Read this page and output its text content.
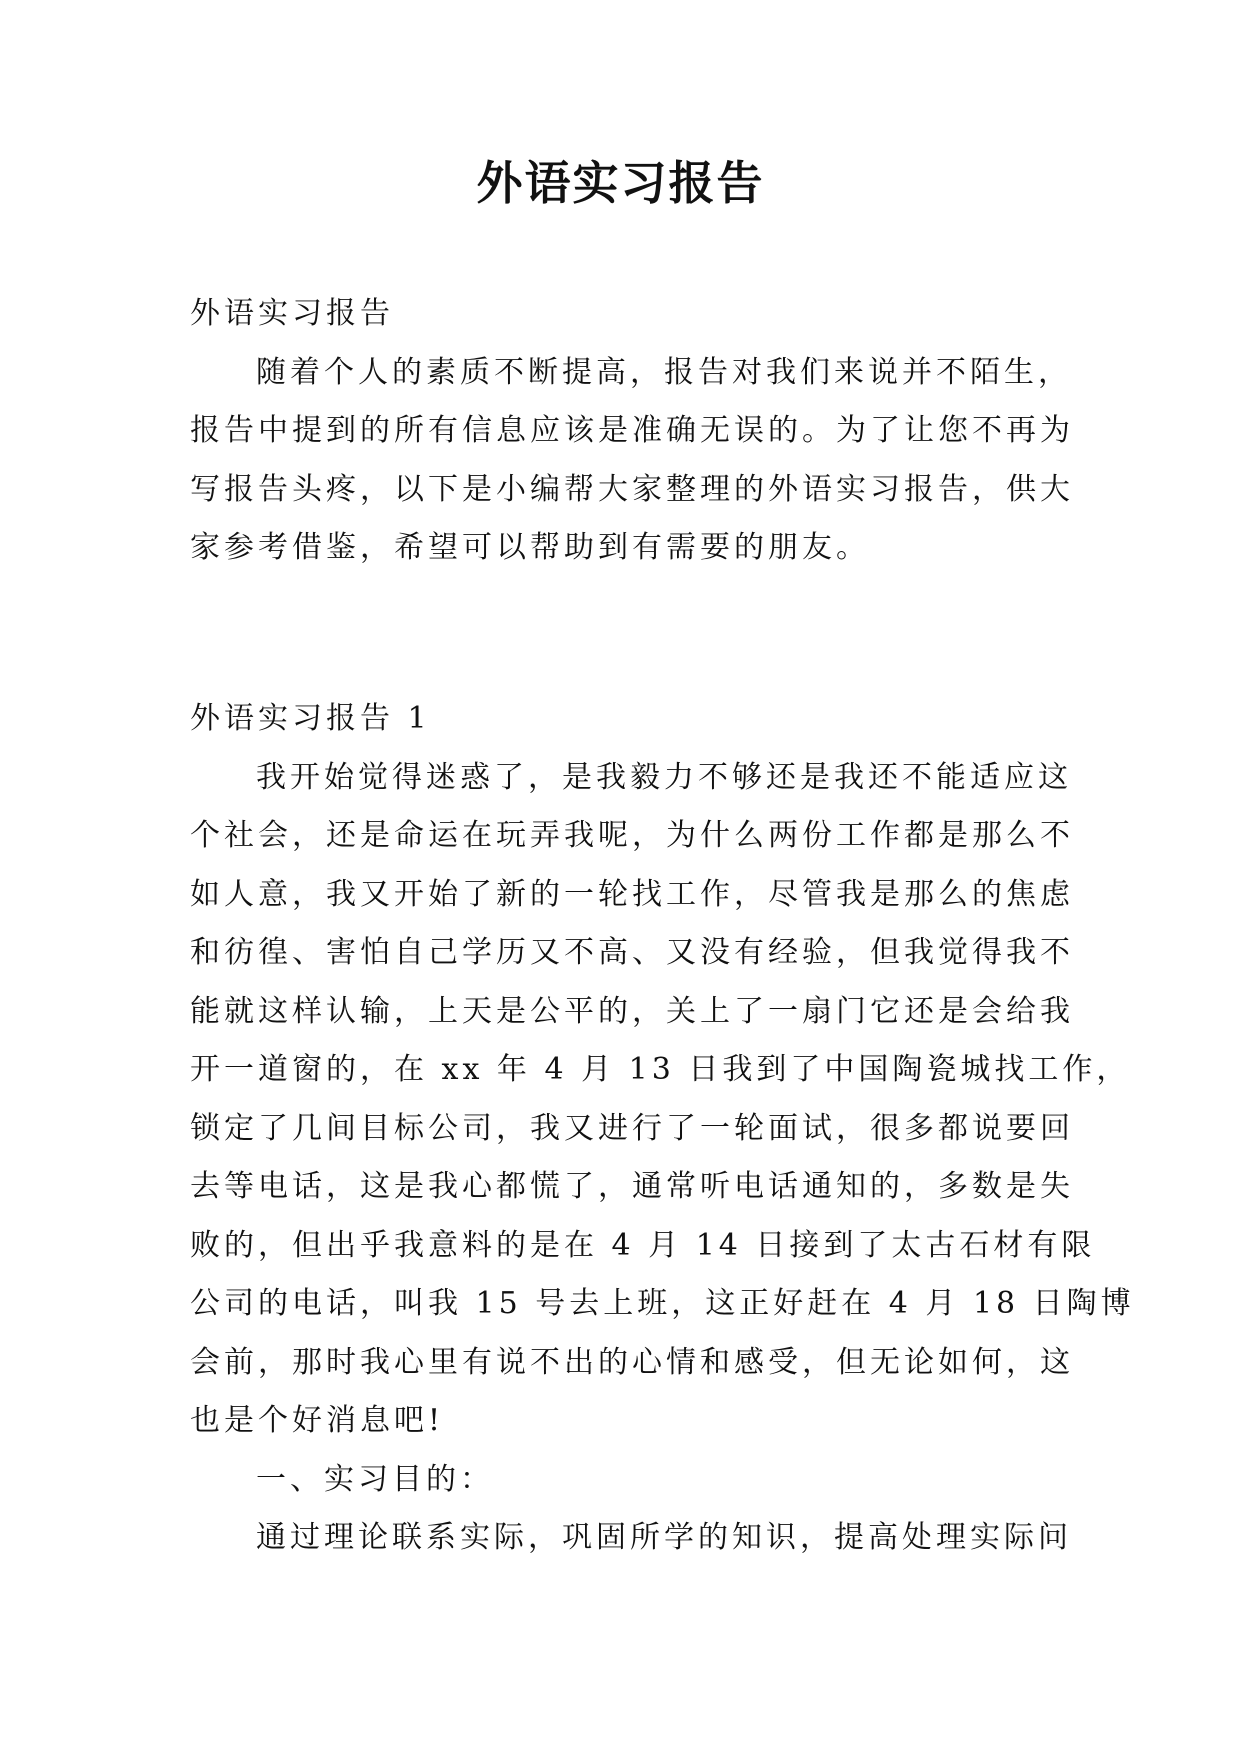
外语实习报告
外语实习报告
随着个人的素质不断提高，报告对我们来说并不陌生，
报告中提到的所有信息应该是准确无误的。为了让您不再为
写报告头疼，以下是小编帮大家整理的外语实习报告，供大
家参考借鉴，希望可以帮助到有需要的朋友。
外语实习报告 1
我开始觉得迷惑了，是我毅力不够还是我还不能适应这
个社会，还是命运在玩弄我呢，为什么两份工作都是那么不
如人意，我又开始了新的一轮找工作，尽管我是那么的焦虑
和彷徨、害怕自己学历又不高、又没有经验，但我觉得我不
能就这样认输，上天是公平的，关上了一扇门它还是会给我
开一道窗的，在 xx 年 4 月 13 日我到了中国陶瓷城找工作，
锁定了几间目标公司，我又进行了一轮面试，很多都说要回
去等电话，这是我心都慌了，通常听电话通知的，多数是失
败的，但出乎我意料的是在 4 月 14 日接到了太古石材有限
公司的电话，叫我 15 号去上班，这正好赶在 4 月 18 日陶博
会前，那时我心里有说不出的心情和感受，但无论如何，这
也是个好消息吧!
一、实习目的：
通过理论联系实际，巩固所学的知识，提高处理实际问
